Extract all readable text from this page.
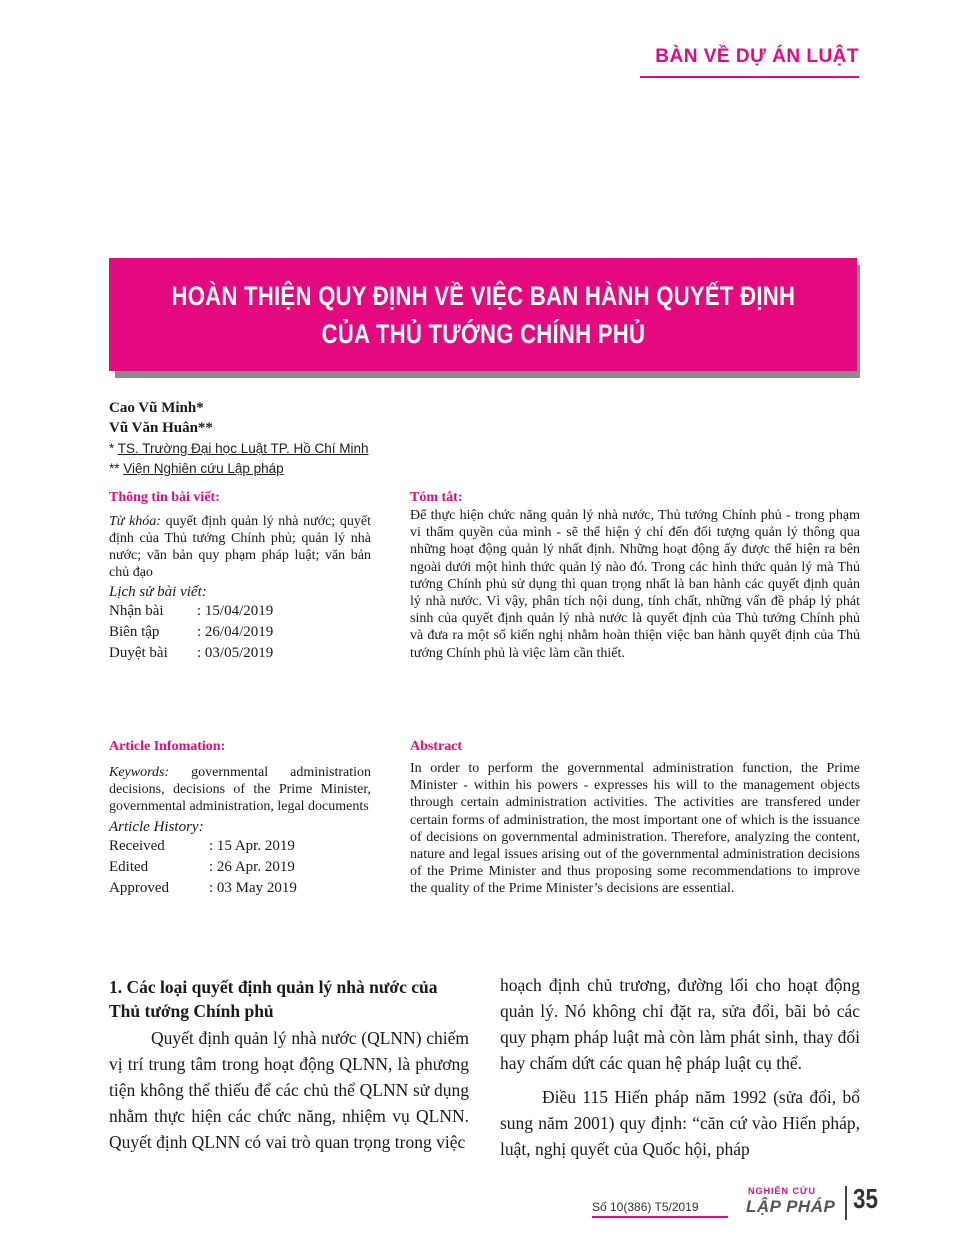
BÀN VỀ DỰ ÁN LUẬT
HOÀN THIỆN QUY ĐỊNH VỀ VIỆC BAN HÀNH QUYẾT ĐỊNH
CỦA THỦ TƯỚNG CHÍNH PHỦ
Cao Vũ Minh*
Vũ Văn Huân**
* TS. Trường Đại học Luật TP. Hồ Chí Minh
** Viện Nghiên cứu Lập pháp
Thông tin bài viết:
Từ khóa: quyết định quản lý nhà nước; quyết định của Thủ tướng Chính phủ; quản lý nhà nước; văn bản quy phạm pháp luật; văn bản chủ đạo
Lịch sử bài viết:
Nhận bài	: 15/04/2019
Biên tập	: 26/04/2019
Duyệt bài	: 03/05/2019
Tóm tắt:
Để thực hiện chức năng quản lý nhà nước, Thủ tướng Chính phủ - trong phạm vi thẩm quyền của mình - sẽ thể hiện ý chí đến đối tượng quản lý thông qua những hoạt động quản lý nhất định. Những hoạt động ấy được thể hiện ra bên ngoài dưới một hình thức quản lý nào đó. Trong các hình thức quản lý mà Thủ tướng Chính phủ sử dụng thì quan trọng nhất là ban hành các quyết định quản lý nhà nước. Vì vậy, phân tích nội dung, tính chất, những vấn đề pháp lý phát sinh của quyết định quản lý nhà nước là quyết định của Thủ tướng Chính phủ và đưa ra một số kiến nghị nhằm hoàn thiện việc ban hành quyết định của Thủ tướng Chính phủ là việc làm cần thiết.
Article Infomation:
Keywords: governmental administration decisions, decisions of the Prime Minister, governmental administration, legal documents
Article History:
Received	: 15 Apr. 2019
Edited	: 26 Apr. 2019
Approved	: 03 May 2019
Abstract
In order to perform the governmental administration function, the Prime Minister - within his powers - expresses his will to the management objects through certain administration activities. The activities are transfered under certain forms of administration, the most important one of which is the issuance of decisions on governmental administration. Therefore, analyzing the content, nature and legal issues arising out of the governmental administration decisions of the Prime Minister and thus proposing some recommendations to improve the quality of the Prime Minister’s decisions are essential.
1. Các loại quyết định quản lý nhà nước của Thủ tướng Chính phủ
Quyết định quản lý nhà nước (QLNN) chiếm vị trí trung tâm trong hoạt động QLNN, là phương tiện không thể thiếu để các chủ thể QLNN sử dụng nhằm thực hiện các chức năng, nhiệm vụ QLNN. Quyết định QLNN có vai trò quan trọng trong việc
hoạch định chủ trương, đường lối cho hoạt động quản lý. Nó không chỉ đặt ra, sửa đổi, bãi bỏ các quy phạm pháp luật mà còn làm phát sinh, thay đổi hay chấm dứt các quan hệ pháp luật cụ thể.
Điều 115 Hiến pháp năm 1992 (sửa đổi, bổ sung năm 2001) quy định: “căn cứ vào Hiến pháp, luật, nghị quyết của Quốc hội, pháp
Số 10(386) T5/2019
NGHIÊN CỨU
LẬP PHÁP 35
